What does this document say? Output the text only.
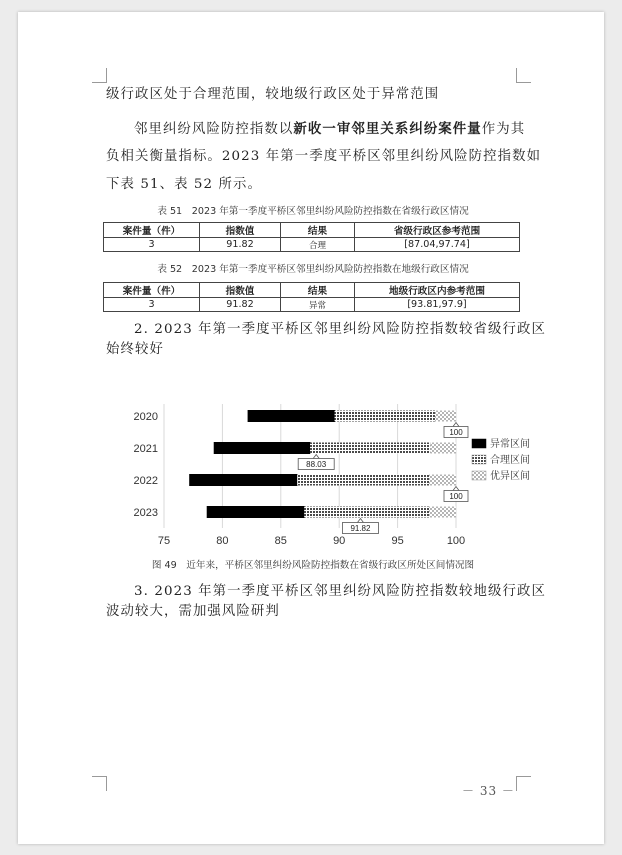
级行政区处于合理范围，较地级行政区处于异常范围
邻里纠纷风险防控指数以新收一审邻里关系纠纷案件量作为其
负相关衡量指标。2023 年第一季度平桥区邻里纠纷风险防控指数如
下表 51、表 52 所示。
表 51　2023 年第一季度平桥区邻里纠纷风险防控指数在省级行政区情况
案件量（件）	指数值	结果	省级行政区参考范围
3	91.82	合理	[87.04,97.74]
表 52　2023 年第一季度平桥区邻里纠纷风险防控指数在地级行政区情况
案件量（件）	指数值	结果	地级行政区内参考范围
3	91.82	异常	[93.81,97.9]
2. 2023 年第一季度平桥区邻里纠纷风险防控指数较省级行政区
始终较好
75	80	85	90	95	100
2020
2021
2022
2023
100
88.03
100
91.82
异常区间
合理区间
优异区间
图 49　近年来，平桥区邻里纠纷风险防控指数在省级行政区所处区间情况图
3. 2023 年第一季度平桥区邻里纠纷风险防控指数较地级行政区
波动较大，需加强风险研判
－ 33 －
